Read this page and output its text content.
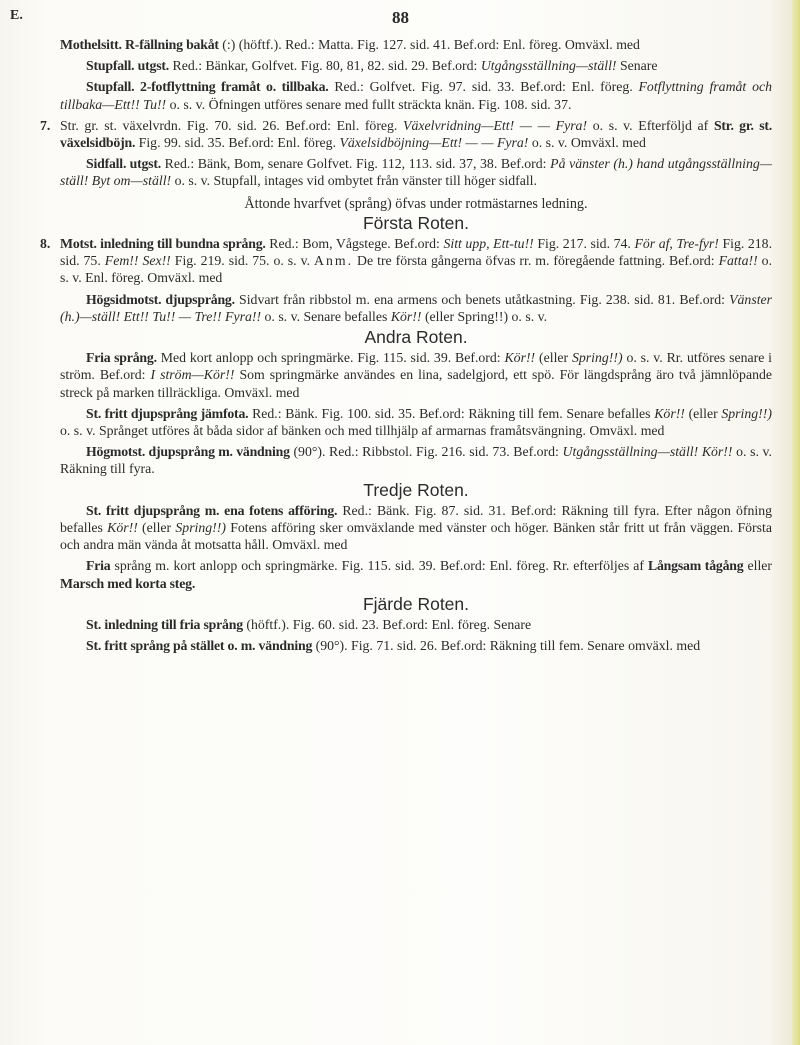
E.	88

Mothelsitt. R-fällning bakåt (:) (höftf.). Red.: Matta. Fig. 127. sid. 41. Bef.ord: Enl. föreg. Omväxl. med

Stupfall. utgst. Red.: Bänkar, Golfvet. Fig. 80, 81, 82. sid. 29. Bef.ord: Utgångsställning—ställ! Senare

Stupfall. 2-fotflyttning framåt o. tillbaka. Red.: Golfvet. Fig. 97. sid. 33. Bef.ord: Enl. föreg. Fotflyttning framåt och tillbaka—Ett!! Tu!! o. s. v. Öfningen utföres senare med fullt sträckta knän. Fig. 108. sid. 37.

7. Str. gr. st. växelvrdn. Fig. 70. sid. 26. Bef.ord: Enl. föreg. Växelvridning—Ett! — — Fyra! o. s. v. Efterföljd af Str. gr. st. växelsidböjn. Fig. 99. sid. 35. Bef.ord: Enl. föreg. Växelsidböjning—Ett! — — Fyra! o. s. v. Omväxl. med

Sidfall. utgst. Red.: Bänk, Bom, senare Golfvet. Fig. 112, 113. sid. 37, 38. Bef.ord: På vänster (h.) hand utgångsställning—ställ! Byt om—ställ! o. s. v. Stupfall, intages vid ombytet från vänster till höger sidfall.

Åttonde hvarfvet (språng) öfvas under rotmästarnes ledning.
Första Roten.

8. Motst. inledning till bundna språng. Red.: Bom, Vågstege. Bef.ord: Sitt upp, Ett-tu!! Fig. 217. sid. 74. För af, Tre-fyr! Fig. 218. sid. 75. Fem!! Sex!! Fig. 219. sid. 75. o. s. v. Anm. De tre första gångerna öfvas rr. m. föregående fattning. Bef.ord: Fatta!! o. s. v. Enl. föreg. Omväxl. med

Högsidmotst. djupsprång. Sidvart från ribbstol m. ena armens och benets utåtkastning. Fig. 238. sid. 81. Bef.ord: Vänster (h.)—ställ! Ett!! Tu!! — Tre!! Fyra!! o. s. v. Senare befalles Kör!! (eller Spring!!) o. s. v.

Andra Roten.

Fria språng. Med kort anlopp och springmärke. Fig. 115. sid. 39. Bef.ord: Kör!! (eller Spring!!) o. s. v. Rr. utföres senare i ström. Bef.ord: I ström—Kör!! Som springmärke användes en lina, sadelgjord, ett spö. För längdsprång äro två jämnlöpande streck på marken tillräckliga. Omväxl. med

St. fritt djupsprång jämfota. Red.: Bänk. Fig. 100. sid. 35. Bef.ord: Räkning till fem. Senare befalles Kör!! (eller Spring!!) o. s. v. Språnget utföres åt båda sidor af bänken och med tillhjälp af armarnas framåtsvängning. Omväxl. med

Högmotst. djupsprång m. vändning (90°). Red.: Ribbstol. Fig. 216. sid. 73. Bef.ord: Utgångsställning—ställ! Kör!! o. s. v. Räkning till fyra.

Tredje Roten.

St. fritt djupsprång m. ena fotens afföring. Red.: Bänk. Fig. 87. sid. 31. Bef.ord: Räkning till fyra. Efter någon öfning befalles Kör!! (eller Spring!!) Fotens afföring sker omväxlande med vänster och höger. Bänken står fritt ut från väggen. Första och andra män vända åt motsatta håll. Omväxl. med

Fria språng m. kort anlopp och springmärke. Fig. 115. sid. 39. Bef.ord: Enl. föreg. Rr. efterföljes af Långsam tågång eller Marsch med korta steg.

Fjärde Roten.

St. inledning till fria språng (höftf.). Fig. 60. sid. 23. Bef.ord: Enl. föreg. Senare

St. fritt språng på stället o. m. vändning (90°). Fig. 71. sid. 26. Bef.ord: Räkning till fem. Senare omväxl. med
